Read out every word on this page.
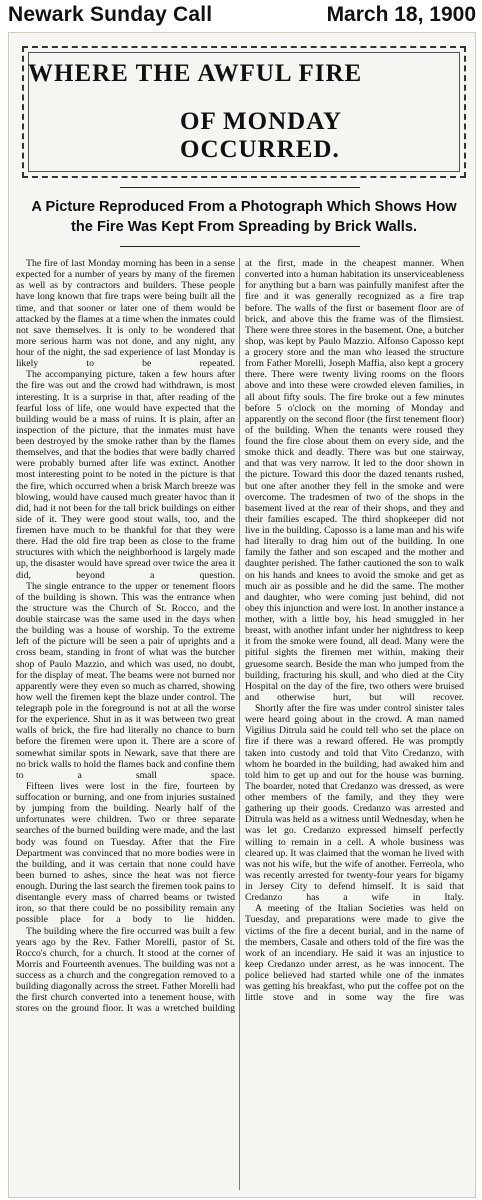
Newark Sunday Call	March 18, 1900
WHERE THE AWFUL FIRE
OF MONDAY OCCURRED.
A Picture Reproduced From a Photograph Which Shows How
the Fire Was Kept From Spreading by Brick Walls.

The fire of last Monday morning has been in a sense expected for a number of years by many of the firemen as well as by contractors and builders. These people have long known that fire traps were being built all the time, and that sooner or later one of them would be attacked by the flames at a time when the inmates could not save themselves. It is only to be wondered that more serious harm was not done, and any night, any hour of the night, the sad experience of last Monday is likely to be repeated.

The accompanying picture, taken a few hours after the fire was out and the crowd had withdrawn, is most interesting. It is a surprise in that, after reading of the fearful loss of life, one would have expected that the building would be a mass of ruins. It is plain, after an inspection of the picture, that the inmates must have been destroyed by the smoke rather than by the flames themselves, and that the bodies that were badly charred were probably burned after life was extinct. Another most interesting point to be noted in the picture is that the fire, which occurred when a brisk March breeze was blowing, would have caused much greater havoc than it did, had it not been for the tall brick buildings on either side of it. They were good stout walls, too, and the firemen have much to be thankful for that they were there. Had the old fire trap been as close to the frame structures with which the neighborhood is largely made up, the disaster would have spread over twice the area it did, beyond a question.

The single entrance to the upper or tenement floors of the building is shown. This was the entrance when the structure was the Church of St. Rocco, and the double staircase was the same used in the days when the building was a house of worship. To the extreme left of the picture will be seen a pair of uprights and a cross beam, standing in front of what was the butcher shop of Paulo Mazzio, and which was used, no doubt, for the display of meat. The beams were not burned nor apparently were they even so much as charred, showing how well the firemen kept the blaze under control. The telegraph pole in the foreground is not at all the worse for the experience. Shut in as it was between two great walls of brick, the fire had literally no chance to burn before the firemen were upon it. There are a score of somewhat similar spots in Newark, save that there are no brick walls to hold the flames back and confine them to a small space.

Fifteen lives were lost in the fire, fourteen by suffocation or burning, and one from injuries sustained by jumping from the building. Nearly half of the unfortunates were children. Two or three separate searches of the burned building were made, and the last body was found on Tuesday. After that the Fire Department was convinced that no more bodies were in the building, and it was certain that none could have been burned to ashes, since the heat was not fierce enough. During the last search the firemen took pains to disentangle every mass of charred beams or twisted iron, so that there could be no possibility remain any possible place for a body to lie hidden.

The building where the fire occurred was built a few years ago by the Rev. Father Morelli, pastor of St. Rocco's church, for a church. It stood at the corner of Morris and Fourteenth avenues. The building was not a success as a church and the congregation removed to a building diagonally across the street. Father Morelli had the first church converted into a tenement house, with stores on the ground floor. It was a wretched building

at the first, made in the cheapest manner. When converted into a human habitation its unserviceableness for anything but a barn was painfully manifest after the fire and it was generally recognized as a fire trap before. The walls of the first or basement floor are of brick, and above this the frame was of the flimsiest. There were three stores in the basement. One, a butcher shop, was kept by Paulo Mazzio. Alfonso Caposso kept a grocery store and the man who leased the structure from Father Morelli, Joseph Maffia, also kept a grocery there. There were twenty living rooms on the floors above and into these were crowded eleven families, in all about fifty souls. The fire broke out a few minutes before 5 o'clock on the morning of Monday and apparently on the second floor (the first tenement floor) of the building. When the tenants were roused they found the fire close about them on every side, and the smoke thick and deadly. There was but one stairway, and that was very narrow. It led to the door shown in the picture. Toward this door the dazed tenants rushed, but one after another they fell in the smoke and were overcome. The tradesmen of two of the shops in the basement lived at the rear of their shops, and they and their families escaped. The third shopkeeper did not live in the building. Caposso is a lame man and his wife had literally to drag him out of the building. In one family the father and son escaped and the mother and daughter perished. The father cautioned the son to walk on his hands and knees to avoid the smoke and get as much air as possible and he did the same. The mother and daughter, who were coming just behind, did not obey this injunction and were lost. In another instance a mother, with a little boy, his head smuggled in her breast, with another infant under her nightdress to keep it from the smoke were found, all dead. Many were the pitiful sights the firemen met within, making their gruesome search. Beside the man who jumped from the building, fracturing his skull, and who died at the City Hospital on the day of the fire, two others were bruised and otherwise hurt, but will recover.

Shortly after the fire was under control sinister tales were heard going about in the crowd. A man named Vigilius Ditrula said he could tell who set the place on fire if there was a reward offered. He was promptly taken into custody and told that Vito Credanzo, with whom he boarded in the building, had awaked him and told him to get up and out for the house was burning. The boarder, noted that Credanzo was dressed, as were other members of the family, and they they were gathering up their goods. Credanzo was arrested and Ditrula was held as a witness until Wednesday, when he was let go. Credanzo expressed himself perfectly willing to remain in a cell. A whole business was cleared up. It was claimed that the woman he lived with was not his wife, but the wife of another. Ferreola, who was recently arrested for twenty-four years for bigamy in Jersey City to defend himself. It is said that Credanzo has a wife in Italy.

A meeting of the Italian Societies was held on Tuesday, and preparations were made to give the victims of the fire a decent burial, and in the name of the members, Casale and others told of the fire was the work of an incendiary. He said it was an injustice to keep Credanzo under arrest, as he was innocent. The police believed had started while one of the inmates was getting his breakfast, who put the coffee pot on the little stove and in some way the fire was
